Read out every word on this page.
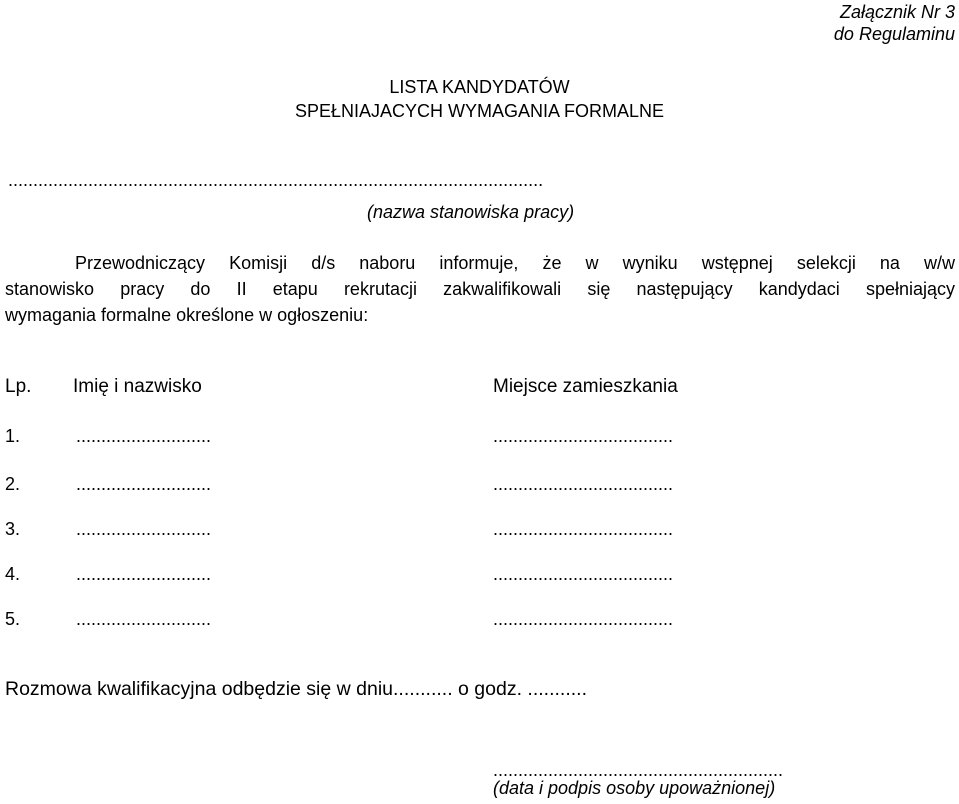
Załącznik Nr 3
do Regulaminu
LISTA KANDYDATÓW
SPEŁNIAJACYCH WYMAGANIA FORMALNE
...........................................................................................................
(nazwa stanowiska pracy)
Przewodniczący Komisji d/s naboru informuje, że w wyniku wstępnej selekcji na w/w
stanowisko pracy do II etapu rekrutacji zakwalifikowali się następujący kandydaci spełniający
wymagania formalne określone w ogłoszeniu:
Lp. Imię i nazwisko	Miejsce zamieszkania
1.	...........................	....................................
2.	...........................	....................................
3.	...........................	....................................
4.	...........................	....................................
5.	...........................	....................................
Rozmowa kwalifikacyjna odbędzie się w dniu........... o godz. ...........
..........................................................
(data i podpis osoby upoważnionej)
